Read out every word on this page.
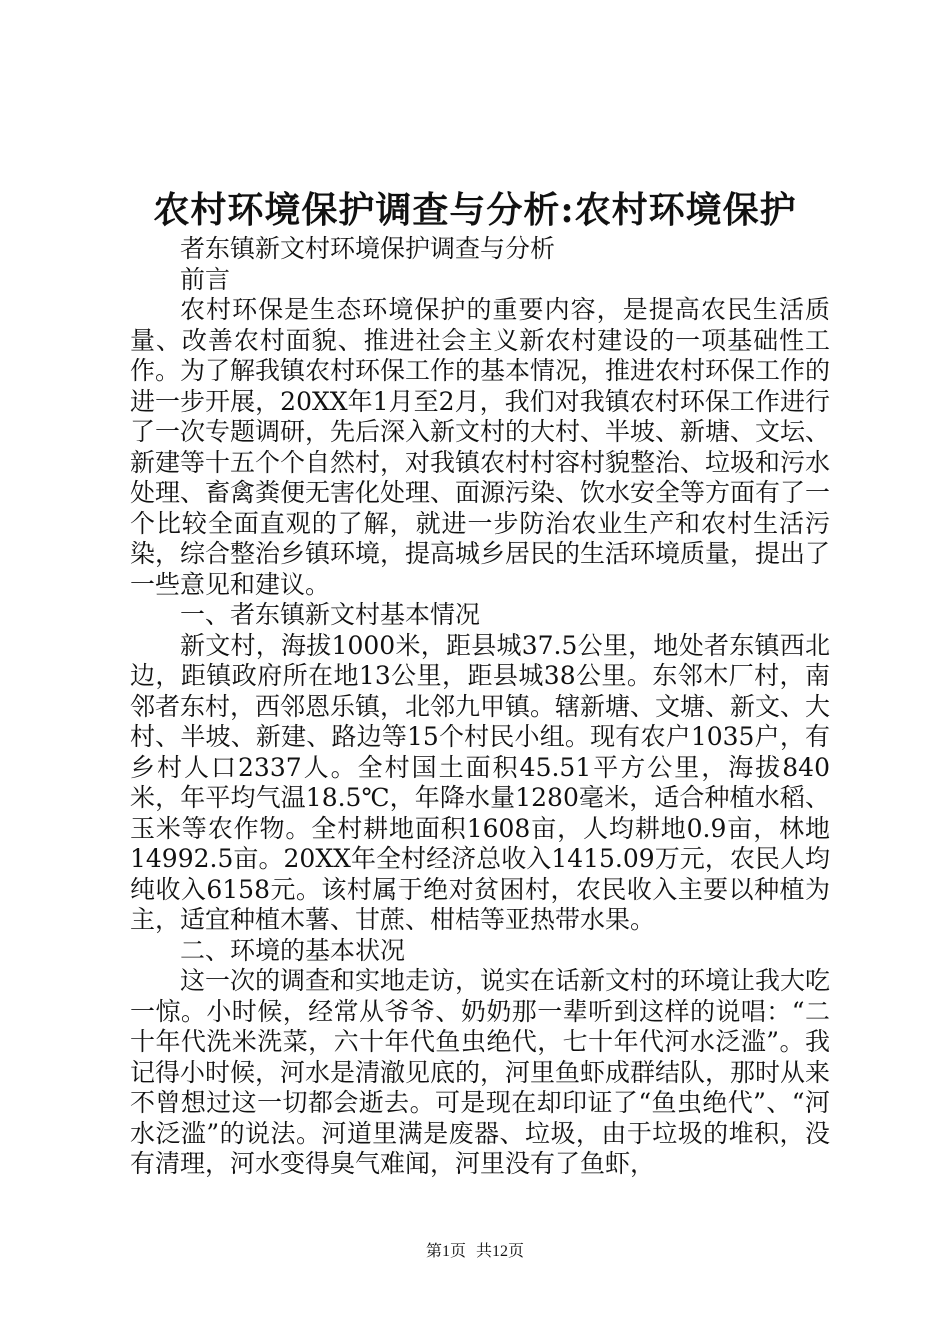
农村环境保护调查与分析:农村环境保护

者东镇新文村环境保护调查与分析

前言

农村环保是生态环境保护的重要内容，是提高农民生活质量、改善农村面貌、推进社会主义新农村建设的一项基础性工作。为了解我镇农村环保工作的基本情况，推进农村环保工作的进一步开展，20XX年1月至2月，我们对我镇农村环保工作进行了一次专题调研，先后深入新文村的大村、半坡、新塘、文坛、新建等十五个个自然村，对我镇农村村容村貌整治、垃圾和污水处理、畜禽粪便无害化处理、面源污染、饮水安全等方面有了一个比较全面直观的了解，就进一步防治农业生产和农村生活污染，综合整治乡镇环境，提高城乡居民的生活环境质量，提出了一些意见和建议。

一、者东镇新文村基本情况

新文村，海拔1000米，距县城37.5公里，地处者东镇西北边，距镇政府所在地13公里，距县城38公里。东邻木厂村，南邻者东村，西邻恩乐镇，北邻九甲镇。辖新塘、文塘、新文、大村、半坡、新建、路边等15个村民小组。现有农户1035户，有乡村人口2337人。全村国土面积45.51平方公里，海拔840米，年平均气温18.5℃，年降水量1280毫米，适合种植水稻、玉米等农作物。全村耕地面积1608亩，人均耕地0.9亩，林地14992.5亩。20XX年全村经济总收入1415.09万元，农民人均纯收入6158元。该村属于绝对贫困村，农民收入主要以种植为主，适宜种植木薯、甘蔗、柑桔等亚热带水果。

二、环境的基本状况

这一次的调查和实地走访，说实在话新文村的环境让我大吃一惊。小时候，经常从爷爷、奶奶那一辈听到这样的说唱：“二十年代洗米洗菜，六十年代鱼虫绝代，七十年代河水泛滥”。我记得小时候，河水是清澈见底的，河里鱼虾成群结队，那时从来不曾想过这一切都会逝去。可是现在却印证了“鱼虫绝代”、“河水泛滥”的说法。河道里满是废器、垃圾，由于垃圾的堆积，没有清理，河水变得臭气难闻，河里没有了鱼虾，

第1页 共12页
